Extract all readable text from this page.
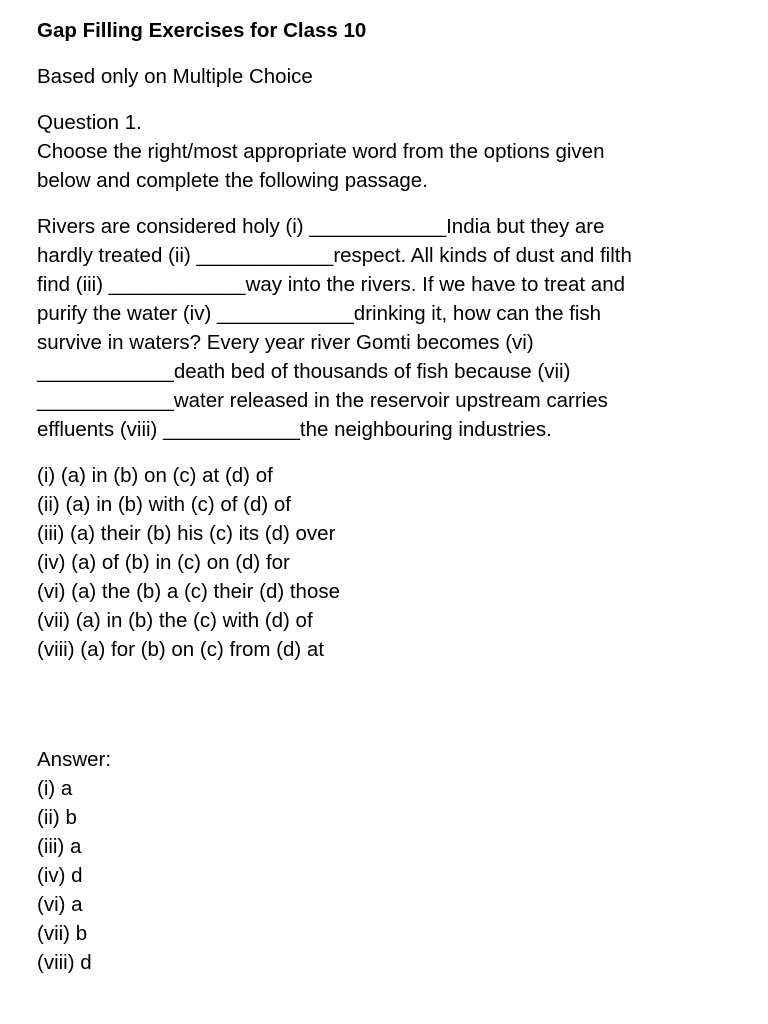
Gap Filling Exercises for Class 10
Based only on Multiple Choice
Question 1.
Choose the right/most appropriate word from the options given
below and complete the following passage.
Rivers are considered holy (i) ____________India but they are
hardly treated (ii) ____________respect. All kinds of dust and filth
find (iii) ____________way into the rivers. If we have to treat and
purify the water (iv) ____________drinking it, how can the fish
survive in waters? Every year river Gomti becomes (vi)
____________death bed of thousands of fish because (vii)
____________water released in the reservoir upstream carries
effluents (viii) ____________the neighbouring industries.
(i) (a) in (b) on (c) at (d) of
(ii) (a) in (b) with (c) of (d) of
(iii) (a) their (b) his (c) its (d) over
(iv) (a) of (b) in (c) on (d) for
(vi) (a) the (b) a (c) their (d) those
(vii) (a) in (b) the (c) with (d) of
(viii) (a) for (b) on (c) from (d) at
Answer:
(i) a
(ii) b
(iii) a
(iv) d
(vi) a
(vii) b
(viii) d
